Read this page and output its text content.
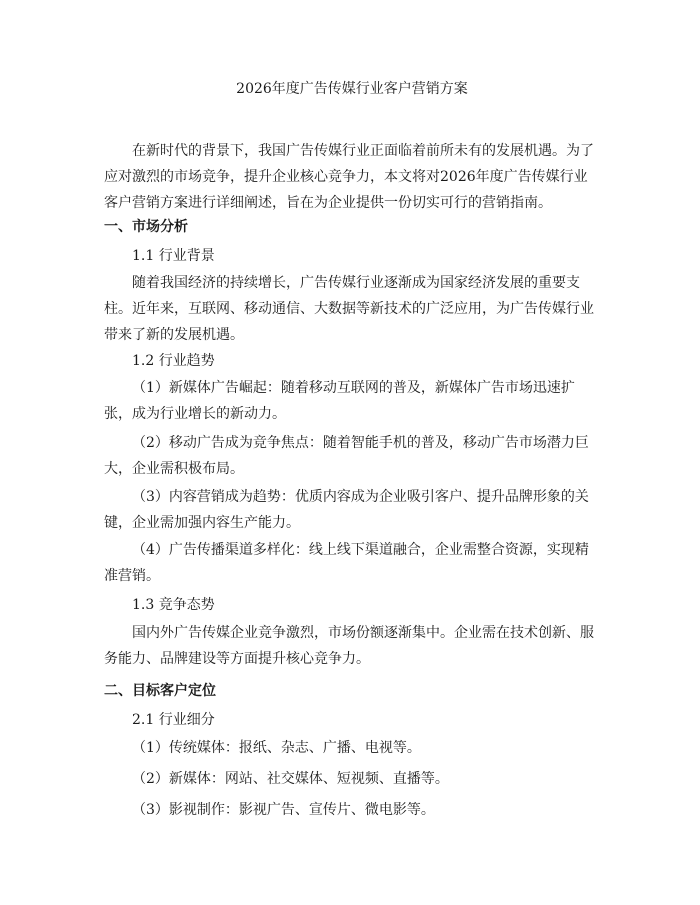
2026年度广告传媒行业客户营销方案

在新时代的背景下，我国广告传媒行业正面临着前所未有的发展机遇。为了应对激烈的市场竞争，提升企业核心竞争力，本文将对2026年度广告传媒行业客户营销方案进行详细阐述，旨在为企业提供一份切实可行的营销指南。

一、市场分析
1.1 行业背景

随着我国经济的持续增长，广告传媒行业逐渐成为国家经济发展的重要支柱。近年来，互联网、移动通信、大数据等新技术的广泛应用，为广告传媒行业带来了新的发展机遇。

1.2 行业趋势

（1）新媒体广告崛起：随着移动互联网的普及，新媒体广告市场迅速扩张，成为行业增长的新动力。

（2）移动广告成为竞争焦点：随着智能手机的普及，移动广告市场潜力巨大，企业需积极布局。

（3）内容营销成为趋势：优质内容成为企业吸引客户、提升品牌形象的关键，企业需加强内容生产能力。

（4）广告传播渠道多样化：线上线下渠道融合，企业需整合资源，实现精准营销。

1.3 竞争态势

国内外广告传媒企业竞争激烈，市场份额逐渐集中。企业需在技术创新、服务能力、品牌建设等方面提升核心竞争力。

二、目标客户定位
2.1 行业细分

（1）传统媒体：报纸、杂志、广播、电视等。

（2）新媒体：网站、社交媒体、短视频、直播等。

（3）影视制作：影视广告、宣传片、微电影等。
